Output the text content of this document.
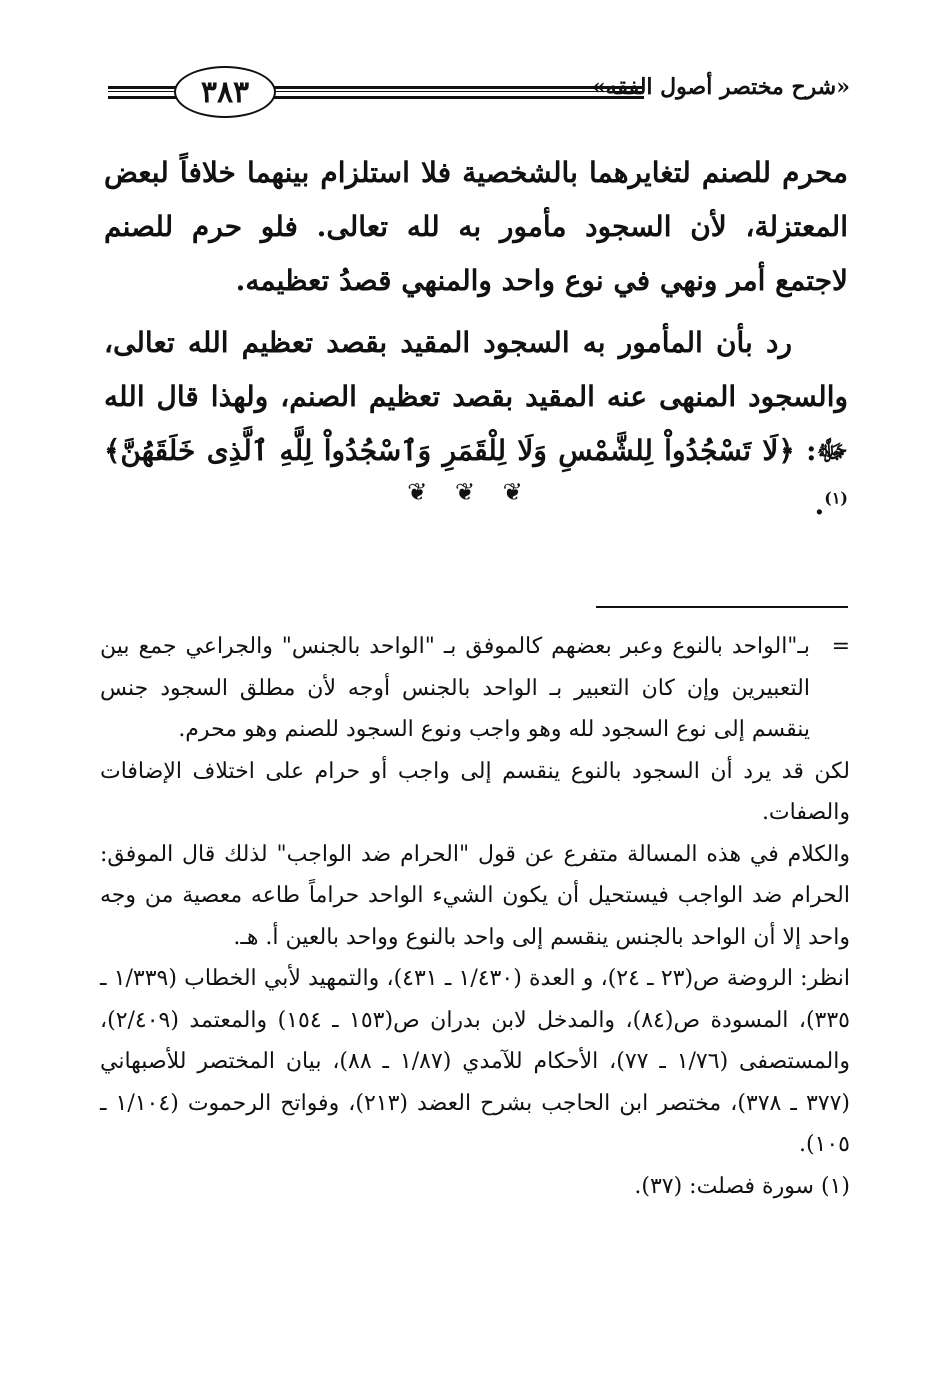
٣٨٣	«شرح مختصر أصول الفقه»

محرم للصنم لتغايرهما بالشخصية فلا استلزام بينهما خلافاً لبعض المعتزلة، لأن السجود مأمور به لله تعالى. فلو حرم للصنم لاجتمع أمر ونهي في نوع واحد والمنهي قصدُ تعظيمه.

رد بأن المأمور به السجود المقيد بقصد تعظيم الله تعالى، والسجود المنهى عنه المقيد بقصد تعظيم الصنم، ولهذا قال الله ﷻ: ﴿لَا تَسْجُدُواْ لِلشَّمْسِ وَلَا لِلْقَمَرِ وَٱسْجُدُواْ لِلَّهِ ٱلَّذِى خَلَقَهُنَّ﴾$^{(١)}$.

❦ ❦ ❦

=
بـ"الواحد بالنوع وعبر بعضهم كالموفق بـ "الواحد بالجنس" والجراعي جمع بين التعبيرين وإن كان التعبير بـ الواحد بالجنس أوجه لأن مطلق السجود جنس ينقسم إلى نوع السجود لله وهو واجب ونوع السجود للصنم وهو محرم.

لكن قد يرد أن السجود بالنوع ينقسم إلى واجب أو حرام على اختلاف الإضافات والصفات.

والكلام في هذه المسالة متفرع عن قول "الحرام ضد الواجب" لذلك قال الموفق: الحرام ضد الواجب فيستحيل أن يكون الشيء الواحد حراماً طاعه معصية من وجه واحد إلا أن الواحد بالجنس ينقسم إلى واحد بالنوع وواحد بالعين أ. هـ.

انظر: الروضة ص(٢٣ ـ ٢٤)، و العدة (١/٤٣٠ ـ ٤٣١)، والتمهيد لأبي الخطاب (١/٣٣٩ ـ ٣٣٥)، المسودة ص(٨٤)، والمدخل لابن بدران ص(١٥٣ ـ ١٥٤) والمعتمد (٢/٤٠٩)، والمستصفى (١/٧٦ ـ ٧٧)، الأحكام للآمدي (١/٨٧ ـ ٨٨)، بيان المختصر للأصبهاني (٣٧٧ ـ ٣٧٨)، مختصر ابن الحاجب بشرح العضد (٢١٣)، وفواتح الرحموت (١/١٠٤ ـ ١٠٥).

(١) سورة فصلت: (٣٧).
